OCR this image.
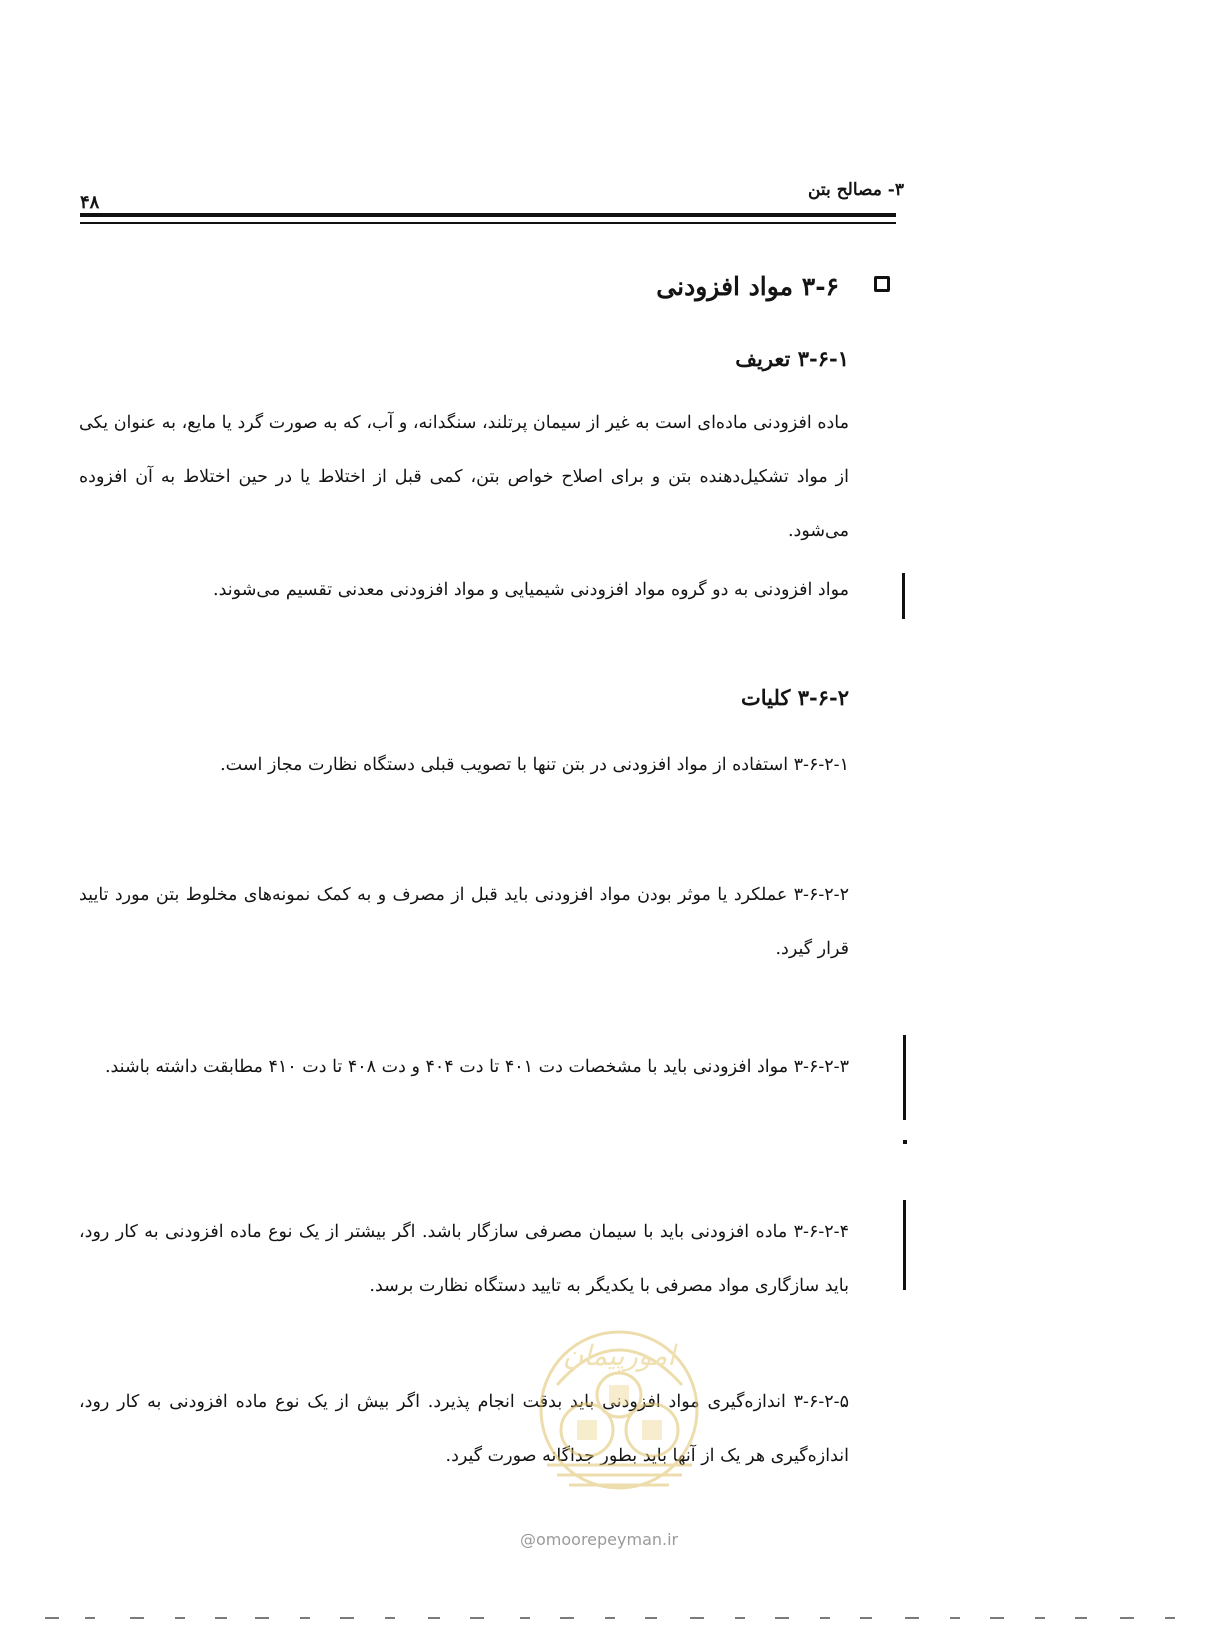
۳- مصالح بتن
۴۸
۳-۶ مواد افزودنی
۳-۶-۱ تعریف
ماده افزودنی ماده‌ای است به غیر از سیمان پرتلند، سنگدانه، و آب، که به صورت گرد یا مایع، به عنوان یکی از مواد تشکیل‌دهنده بتن و برای اصلاح خواص بتن، کمی قبل از اختلاط یا در حین اختلاط به آن افزوده می‌شود.
مواد افزودنی به دو گروه مواد افزودنی شیمیایی و مواد افزودنی معدنی تقسیم می‌شوند.
۳-۶-۲ کلیات
۳-۶-۲-۱ استفاده از مواد افزودنی در بتن تنها با تصویب قبلی دستگاه نظارت مجاز است.
۳-۶-۲-۲ عملکرد یا موثر بودن مواد افزودنی باید قبل از مصرف و به کمک نمونه‌های مخلوط بتن مورد تایید قرار گیرد.
۳-۶-۲-۳ مواد افزودنی باید با مشخصات دت ۴۰۱ تا دت ۴۰۴ و دت ۴۰۸ تا دت ۴۱۰ مطابقت داشته باشند.
۳-۶-۲-۴ ماده افزودنی باید با سیمان مصرفی سازگار باشد. اگر بیشتر از یک نوع ماده افزودنی به کار رود، باید سازگاری مواد مصرفی با یکدیگر به تایید دستگاه نظارت برسد.
۳-۶-۲-۵ اندازه‌گیری مواد افزودنی باید بدقت انجام پذیرد. اگر بیش از یک نوع ماده افزودنی به کار رود، اندازه‌گیری هر یک از آنها باید بطور جداگانه صورت گیرد.
امورپیمان
@omoorepeyman.ir
